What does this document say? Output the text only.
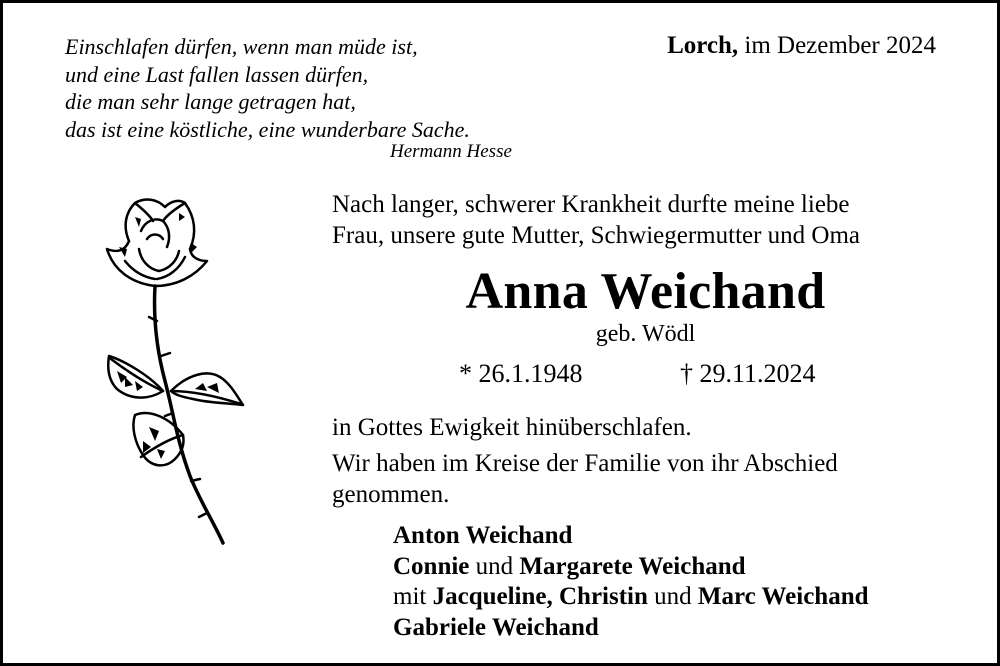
Einschlafen dürfen, wenn man müde ist,
und eine Last fallen lassen dürfen,
die man sehr lange getragen hat,
das ist eine köstliche, eine wunderbare Sache.
Hermann Hesse
Lorch, im Dezember 2024
Nach langer, schwerer Krankheit durfte meine liebe
Frau, unsere gute Mutter, Schwiegermutter und Oma
Anna Weichand
geb. Wödl
* 26.1.1948	† 29.11.2024
in Gottes Ewigkeit hinüberschlafen.
Wir haben im Kreise der Familie von ihr Abschied
genommen.
Anton Weichand
Connie und Margarete Weichand
mit Jacqueline, Christin und Marc Weichand
Gabriele Weichand
